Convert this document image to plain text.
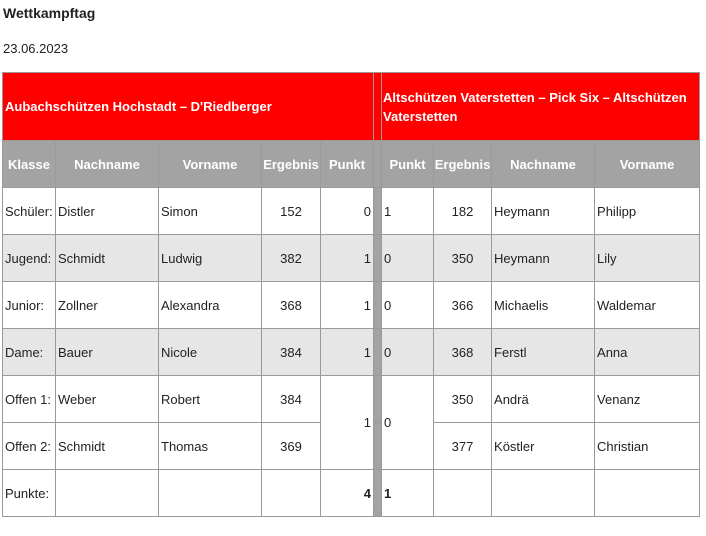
Wettkampftag

23.06.2023

Aubachschützen Hochstadt – D'Riedberger						Altschützen Vaterstetten – Pick Six – Altschützen Vaterstetten			
Klasse	Nachname	Vorname	Ergebnis	Punkt		Punkt	Ergebnis	Nachname	Vorname
Schüler:	Distler	Simon	152	0		1	182	Heymann	Philipp
Jugend:	Schmidt	Ludwig	382	1		0	350	Heymann	Lily
Junior:	Zollner	Alexandra	368	1		0	366	Michaelis	Waldemar
Dame:	Bauer	Nicole	384	1		0	368	Ferstl	Anna
Offen 1:	Weber	Robert	384	1		0	350	Andrä	Venanz
Offen 2:	Schmidt	Thomas	369				377	Köstler	Christian
Punkte:				4		1			
